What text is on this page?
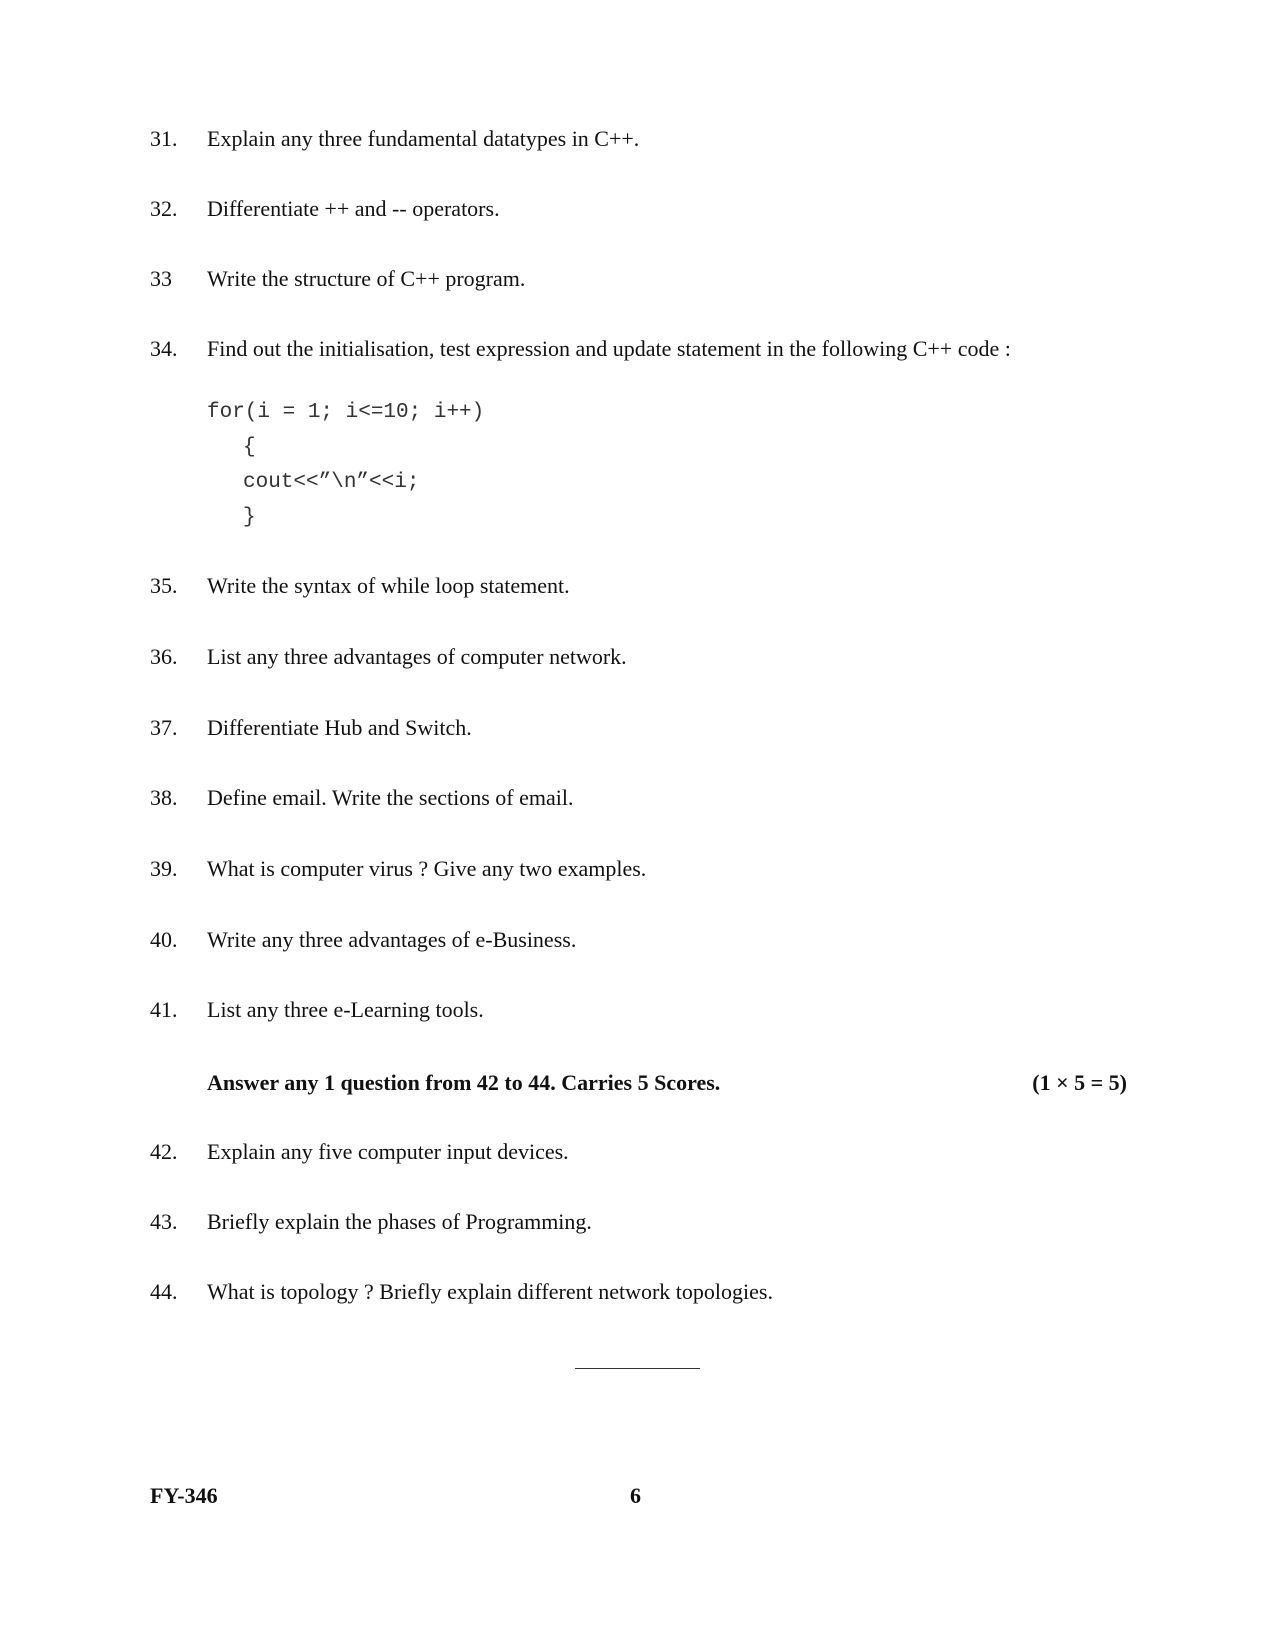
31. Explain any three fundamental datatypes in C++.
32. Differentiate ++ and -- operators.
33 Write the structure of C++ program.
34. Find out the initialisation, test expression and update statement in the following C++ code :
for(i = 1; i<=10; i++)
{
cout<<”\n”<<i;
}
35. Write the syntax of while loop statement.
36. List any three advantages of computer network.
37. Differentiate Hub and Switch.
38. Define email. Write the sections of email.
39. What is computer virus ? Give any two examples.
40. Write any three advantages of e-Business.
41. List any three e-Learning tools.
Answer any 1 question from 42 to 44. Carries 5 Scores.	(1 × 5 = 5)
42. Explain any five computer input devices.
43. Briefly explain the phases of Programming.
44. What is topology ? Briefly explain different network topologies.
FY-346	6
